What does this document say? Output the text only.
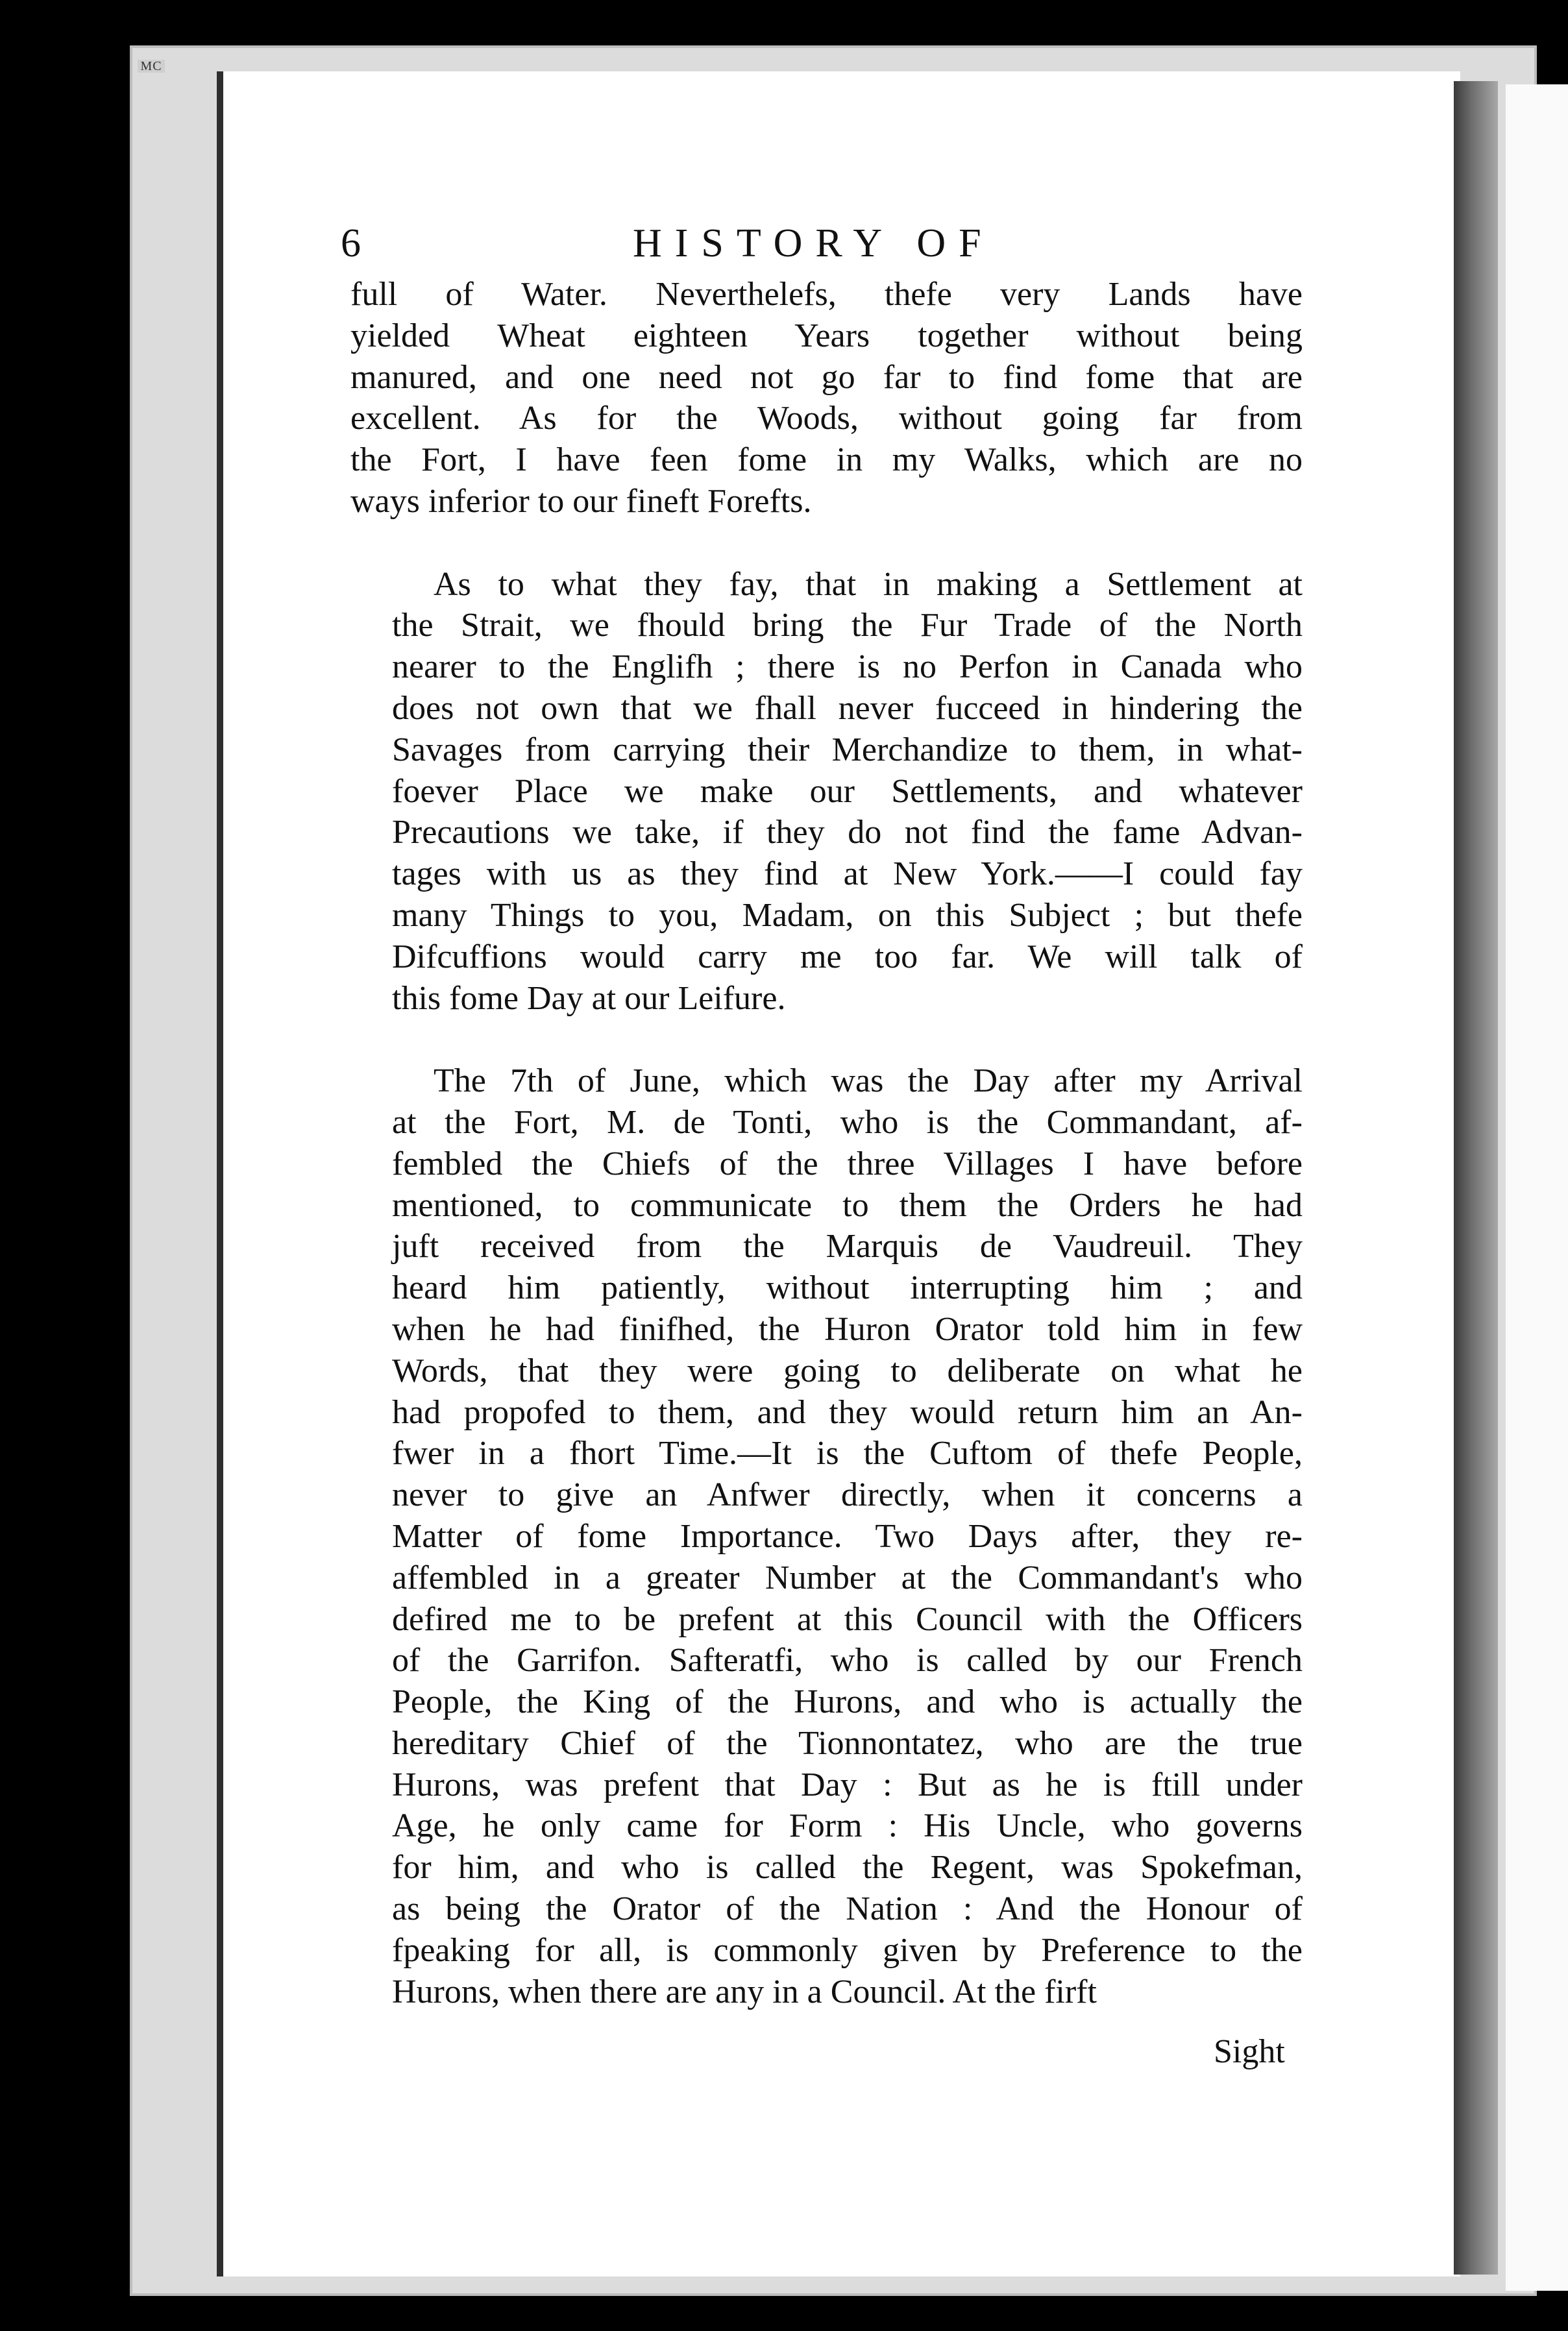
MC
6	HISTORY OF
full of Water. Neverthelefs, thefe very Lands have
yielded Wheat eighteen Years together without being
manured, and one need not go far to find fome that are
excellent. As for the Woods, without going far from
the Fort, I have feen fome in my Walks, which are no
ways inferior to our fineft Forefts.
As to what they fay, that in making a Settlement at
the Strait, we fhould bring the Fur Trade of the North
nearer to the Englifh ; there is no Perfon in Canada who
does not own that we fhall never fucceed in hindering the
Savages from carrying their Merchandize to them, in what-
foever Place we make our Settlements, and whatever
Precautions we take, if they do not find the fame Advan-
tages with us as they find at New York.——I could fay
many Things to you, Madam, on this Subject ; but thefe
Difcuffions would carry me too far. We will talk of
this fome Day at our Leifure.
The 7th of June, which was the Day after my Arrival
at the Fort, M. de Tonti, who is the Commandant, af-
fembled the Chiefs of the three Villages I have before
mentioned, to communicate to them the Orders he had
juft received from the Marquis de Vaudreuil. They
heard him patiently, without interrupting him ; and
when he had finifhed, the Huron Orator told him in few
Words, that they were going to deliberate on what he
had propofed to them, and they would return him an An-
fwer in a fhort Time.—It is the Cuftom of thefe People,
never to give an Anfwer directly, when it concerns a
Matter of fome Importance. Two Days after, they re-
affembled in a greater Number at the Commandant's who
defired me to be prefent at this Council with the Officers
of the Garrifon. Safteratfi, who is called by our French
People, the King of the Hurons, and who is actually the
hereditary Chief of the Tionnontatez, who are the true
Hurons, was prefent that Day : But as he is ftill under
Age, he only came for Form : His Uncle, who governs
for him, and who is called the Regent, was Spokefman,
as being the Orator of the Nation : And the Honour of
fpeaking for all, is commonly given by Preference to the
Hurons, when there are any in a Council. At the firft
Sight
